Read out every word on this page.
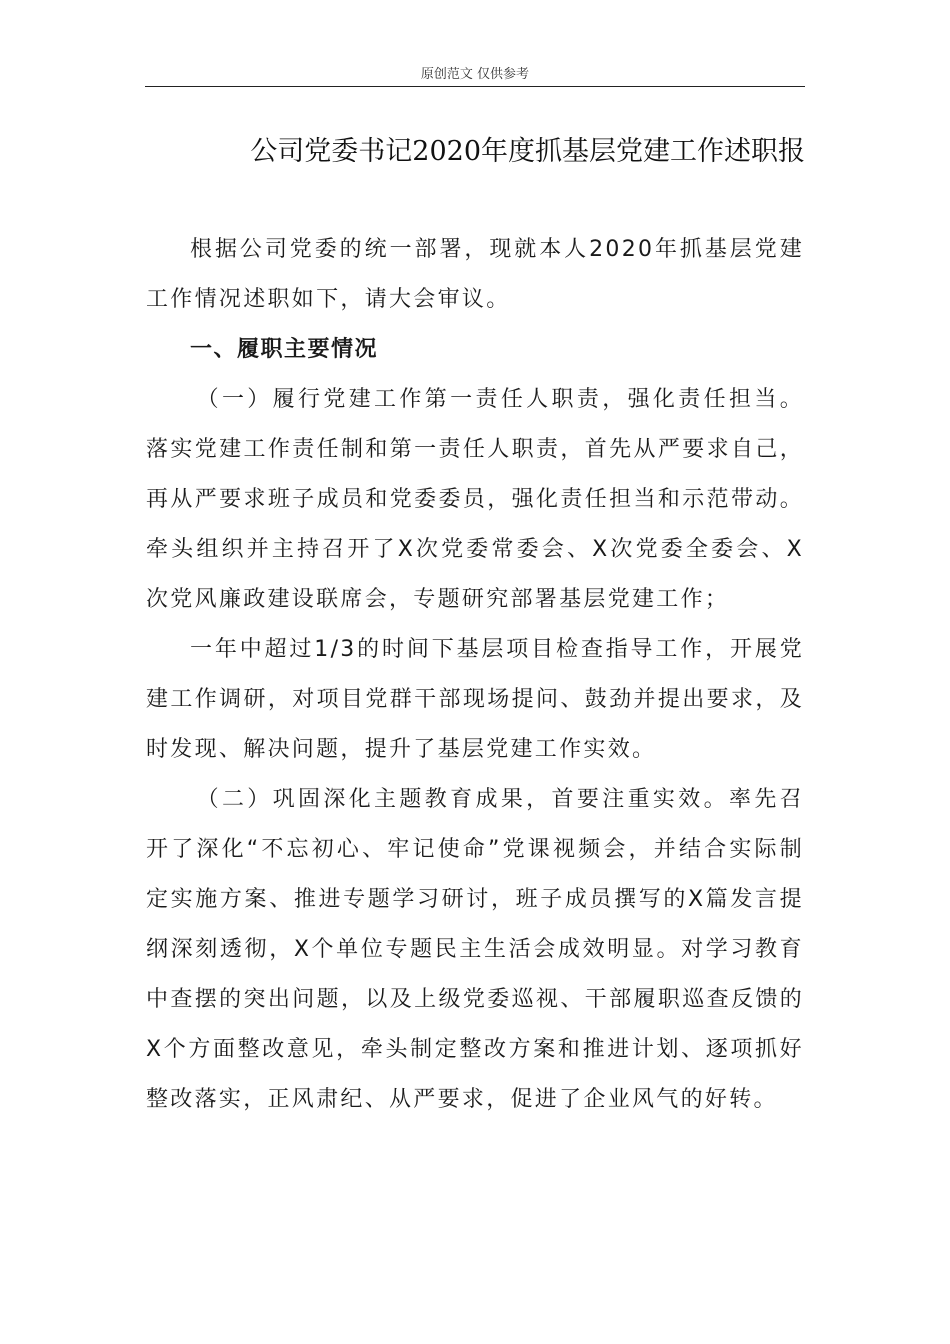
原创范文 仅供参考
公司党委书记2020年度抓基层党建工作述职报

根据公司党委的统一部署，现就本人2020年抓基层党建工作情况述职如下，请大会审议。

一、履职主要情况

（一）履行党建工作第一责任人职责，强化责任担当。落实党建工作责任制和第一责任人职责，首先从严要求自己，再从严要求班子成员和党委委员，强化责任担当和示范带动。牵头组织并主持召开了X次党委常委会、X次党委全委会、X次党风廉政建设联席会，专题研究部署基层党建工作；

一年中超过1/3的时间下基层项目检查指导工作，开展党建工作调研，对项目党群干部现场提问、鼓劲并提出要求，及时发现、解决问题，提升了基层党建工作实效。

（二）巩固深化主题教育成果，首要注重实效。率先召开了深化“不忘初心、牢记使命”党课视频会，并结合实际制定实施方案、推进专题学习研讨，班子成员撰写的X篇发言提纲深刻透彻，X个单位专题民主生活会成效明显。对学习教育中查摆的突出问题，以及上级党委巡视、干部履职巡查反馈的X个方面整改意见，牵头制定整改方案和推进计划、逐项抓好整改落实，正风肃纪、从严要求，促进了企业风气的好转。
